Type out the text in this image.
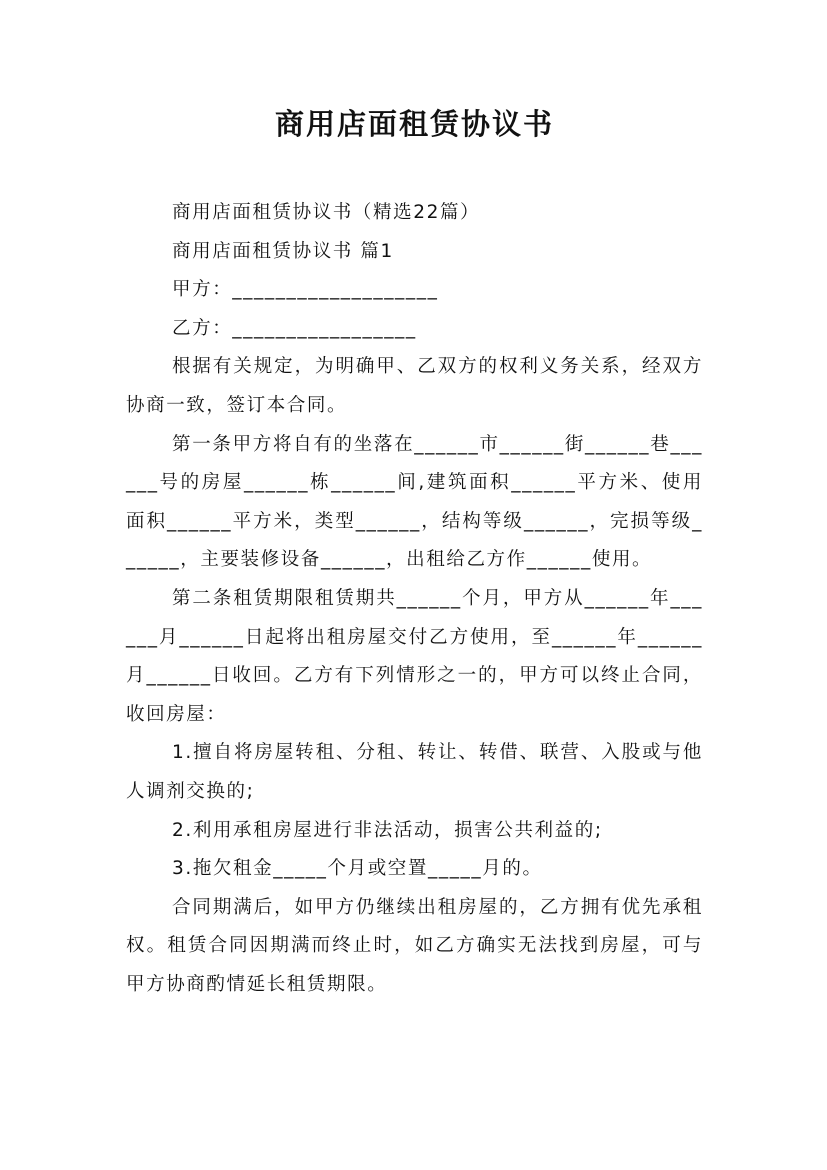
商用店面租赁协议书

商用店面租赁协议书（精选22篇）

商用店面租赁协议书 篇1

甲方：___________________

乙方：_________________

根据有关规定，为明确甲、乙双方的权利义务关系，经双方协商一致，签订本合同。

第一条甲方将自有的坐落在______市______街______巷______号的房屋______栋______间,建筑面积______平方米、使用面积______平方米，类型______，结构等级______，完损等级______，主要装修设备______，出租给乙方作______使用。

第二条租赁期限租赁期共______个月，甲方从______年______月______日起将出租房屋交付乙方使用，至______年______月______日收回。乙方有下列情形之一的，甲方可以终止合同，收回房屋：

1.擅自将房屋转租、分租、转让、转借、联营、入股或与他人调剂交换的;

2.利用承租房屋进行非法活动，损害公共利益的;

3.拖欠租金_____个月或空置_____月的。

合同期满后，如甲方仍继续出租房屋的，乙方拥有优先承租权。租赁合同因期满而终止时，如乙方确实无法找到房屋，可与甲方协商酌情延长租赁期限。
